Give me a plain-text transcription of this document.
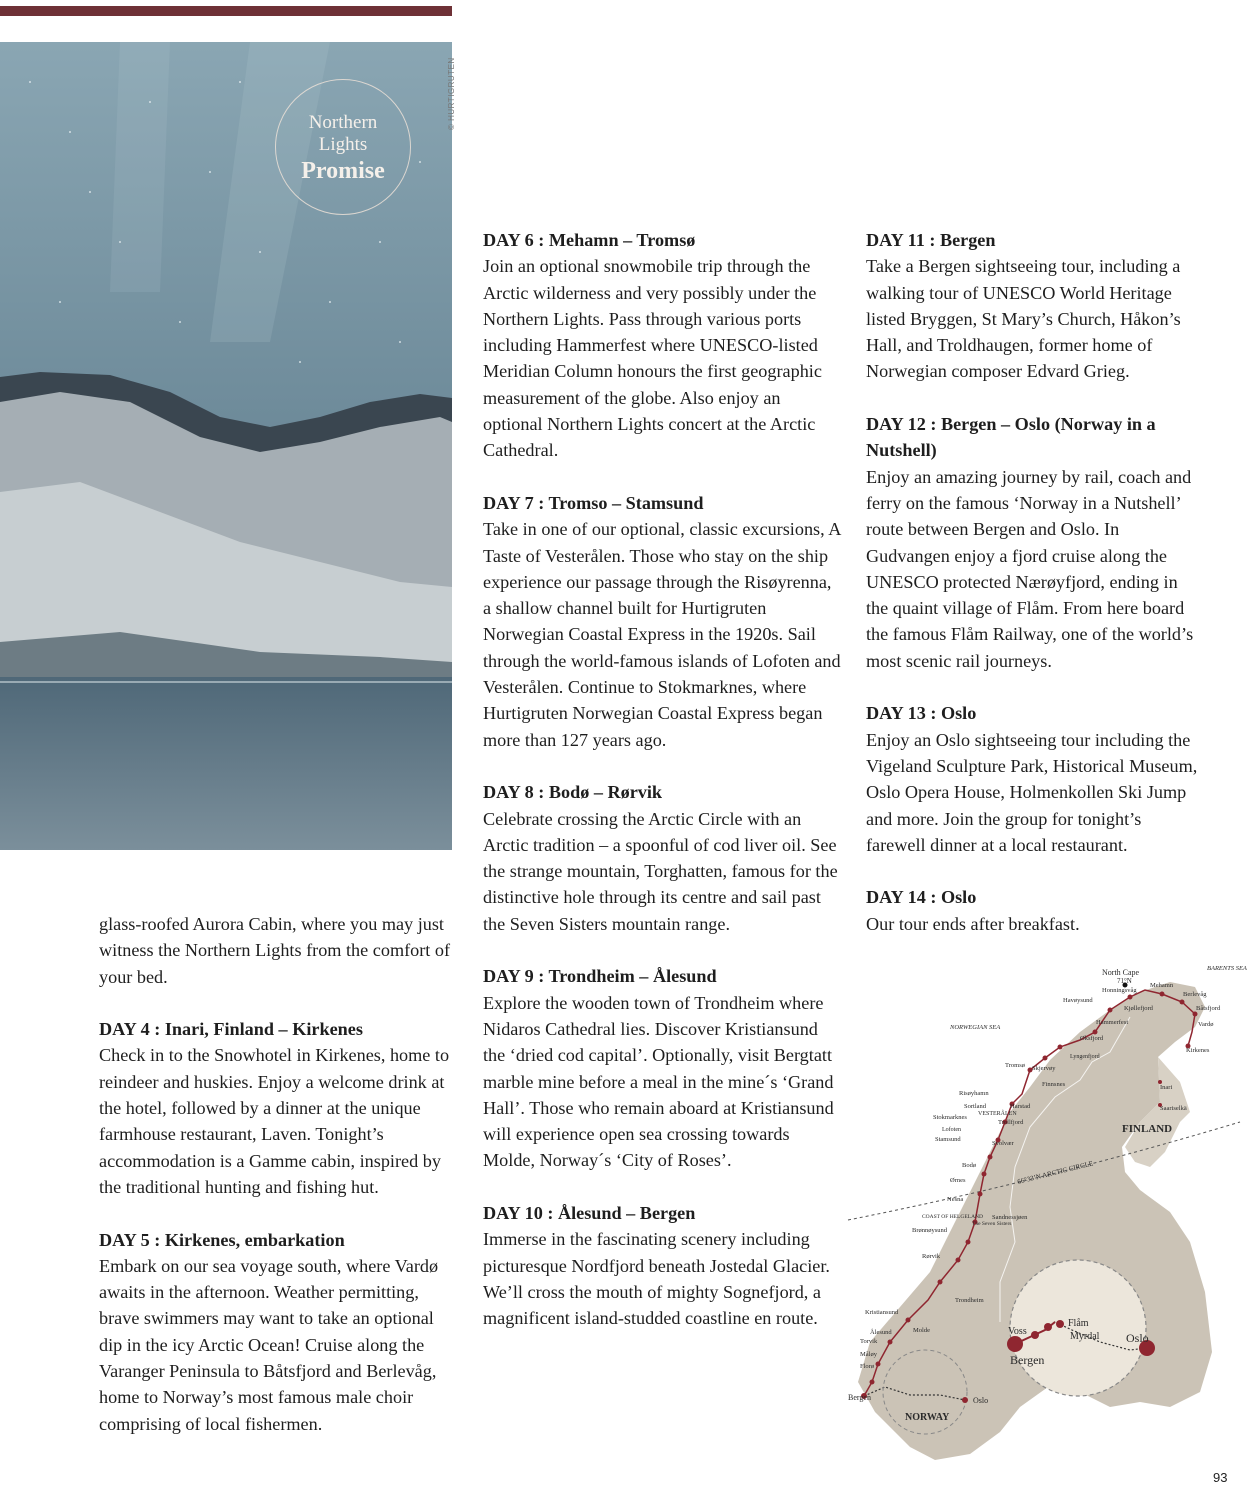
© HURTIGRUTEN
Northern
Lights
Promise

glass-roofed Aurora Cabin, where you may just witness the Northern Lights from the comfort of your bed.

DAY 4 : Inari, Finland – Kirkenes
Check in to the Snowhotel in Kirkenes, home to reindeer and huskies. Enjoy a welcome drink at the hotel, followed by a dinner at the unique farmhouse restaurant, Laven. Tonight’s accommodation is a Gamme cabin, inspired by the traditional hunting and fishing hut.

DAY 5 : Kirkenes, embarkation
Embark on our sea voyage south, where Vardø awaits in the afternoon. Weather permitting, brave swimmers may want to take an optional dip in the icy Arctic Ocean! Cruise along the Varanger Peninsula to Båtsfjord and Berlevåg, home to Norway’s most famous male choir comprising of local fishermen.

DAY 6 : Mehamn – Tromsø
Join an optional snowmobile trip through the Arctic wilderness and very possibly under the Northern Lights. Pass through various ports including Hammerfest where UNESCO-listed Meridian Column honours the first geographic measurement of the globe. Also enjoy an optional Northern Lights concert at the Arctic Cathedral.

DAY 7 : Tromso – Stamsund
Take in one of our optional, classic excursions, A Taste of Vesterålen. Those who stay on the ship experience our passage through the Risøyrenna, a shallow channel built for Hurtigruten Norwegian Coastal Express in the 1920s. Sail through the world-famous islands of Lofoten and Vesterålen. Continue to Stokmarknes, where Hurtigruten Norwegian Coastal Express began more than 127 years ago.

DAY 8 : Bodø – Rørvik
Celebrate crossing the Arctic Circle with an Arctic tradition – a spoonful of cod liver oil. See the strange mountain, Torghatten, famous for the distinctive hole through its centre and sail past the Seven Sisters mountain range.

DAY 9 : Trondheim – Ålesund
Explore the wooden town of Trondheim where Nidaros Cathedral lies. Discover Kristiansund the ‘dried cod capital’. Optionally, visit Bergtatt marble mine before a meal in the mine´s ‘Grand Hall’. Those who remain aboard at Kristiansund will experience open sea crossing towards Molde, Norway´s ‘City of Roses’.

DAY 10 : Ålesund – Bergen
Immerse in the fascinating scenery including picturesque Nordfjord beneath Jostedal Glacier. We’ll cross the mouth of mighty Sognefjord, a magnificent island-studded coastline en route.

DAY 11 : Bergen
Take a Bergen sightseeing tour, including a walking tour of UNESCO World Heritage listed Bryggen, St Mary’s Church, Håkon’s Hall, and Troldhaugen, former home of Norwegian composer Edvard Grieg.

DAY 12 : Bergen – Oslo (Norway in a Nutshell)
Enjoy an amazing journey by rail, coach and ferry on the famous ‘Norway in a Nutshell’ route between Bergen and Oslo. In Gudvangen enjoy a fjord cruise along the UNESCO protected Nærøyfjord, ending in the quaint village of Flåm. From here board the famous Flåm Railway, one of the world’s most scenic rail journeys.

DAY 13 : Oslo
Enjoy an Oslo sightseeing tour including the Vigeland Sculpture Park, Historical Museum, Oslo Opera House, Holmenkollen Ski Jump and more. Join the group for tonight’s farewell dinner at a local restaurant.

DAY 14 : Oslo
Our tour ends after breakfast.

North Cape
71°N
BARENTS SEA
NORWEGIAN SEA
66°33’N ARCTIC CIRCLE
FINLAND
NORWAY
VESTERÅLEN
Lofoten
COAST OF HELGELAND
The Seven Sisters
Lyngenfjord
Honningsvåg
Mehamn
Berlevåg
Havøysund
Kjøllefjord	Båtsfjord
Vardø
Hammerfest
Øksfjord
Kirkenes
Skjervøy
Tromsø
Finnsnes	Inari
Saariselkä
Risøyhamn
Sortland	Harstad
Stokmarknes
Trollfjord
Stamsund
Svolvær
Bodø
Ørnes
Nesna
Sandnessjøen
Brønnøysund
Rørvik
Trondheim
Kristiansund
Ålesund	Molde
Torvik
Måløy
Florø
Bergen	Oslo
Voss
Flåm
Myrdal Oslo
Bergen
93
